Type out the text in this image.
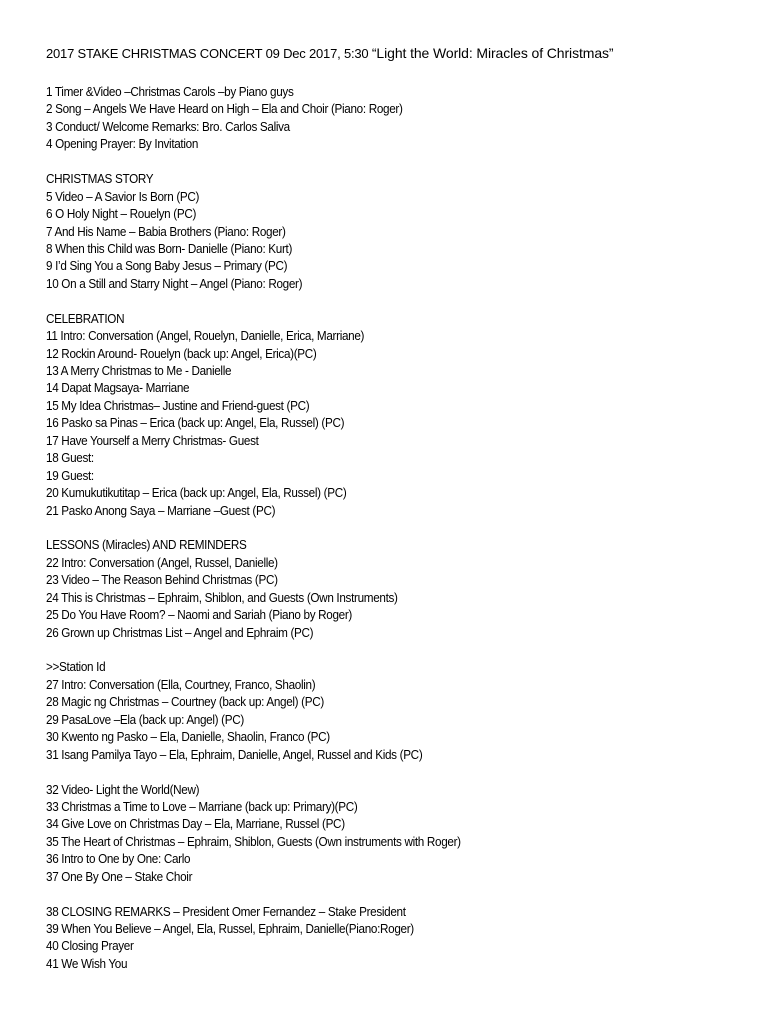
2017 STAKE CHRISTMAS CONCERT 09 Dec 2017, 5:30 “Light the World: Miracles of Christmas”
1 Timer &Video –Christmas Carols –by Piano guys
2 Song – Angels We Have Heard on High – Ela and Choir (Piano: Roger)
3 Conduct/ Welcome Remarks: Bro. Carlos Saliva
4 Opening Prayer: By Invitation
CHRISTMAS STORY
5 Video – A Savior Is Born (PC)
6 O Holy Night – Rouelyn (PC)
7 And His Name – Babia Brothers (Piano: Roger)
8 When this Child was Born- Danielle (Piano: Kurt)
9 I’d Sing You a Song Baby Jesus – Primary (PC)
10 On a Still and Starry Night – Angel (Piano: Roger)
CELEBRATION
11 Intro: Conversation (Angel, Rouelyn, Danielle, Erica, Marriane)
12 Rockin Around- Rouelyn (back up: Angel, Erica)(PC)
13 A Merry Christmas to Me - Danielle
14 Dapat Magsaya- Marriane
15 My Idea Christmas– Justine and Friend-guest (PC)
16 Pasko sa Pinas – Erica (back up: Angel, Ela, Russel) (PC)
17 Have Yourself a Merry Christmas- Guest
18 Guest:
19 Guest:
20 Kumukutikutitap – Erica (back up: Angel, Ela, Russel) (PC)
21 Pasko Anong Saya – Marriane –Guest (PC)
LESSONS (Miracles) AND REMINDERS
22 Intro: Conversation (Angel, Russel, Danielle)
23 Video – The Reason Behind Christmas (PC)
24 This is Christmas – Ephraim, Shiblon, and Guests (Own Instruments)
25 Do You Have Room? – Naomi and Sariah (Piano by Roger)
26 Grown up Christmas List – Angel and Ephraim (PC)
>>Station Id
27 Intro: Conversation (Ella, Courtney, Franco, Shaolin)
28 Magic ng Christmas – Courtney (back up: Angel) (PC)
29 PasaLove –Ela (back up: Angel) (PC)
30 Kwento ng Pasko – Ela, Danielle, Shaolin, Franco (PC)
31 Isang Pamilya Tayo – Ela, Ephraim, Danielle, Angel, Russel and Kids (PC)
32 Video- Light the World(New)
33 Christmas a Time to Love – Marriane (back up: Primary)(PC)
34 Give Love on Christmas Day – Ela, Marriane, Russel (PC)
35 The Heart of Christmas – Ephraim, Shiblon, Guests (Own instruments with Roger)
36 Intro to One by One: Carlo
37 One By One – Stake Choir
38 CLOSING REMARKS – President Omer Fernandez – Stake President
39 When You Believe – Angel, Ela, Russel, Ephraim, Danielle(Piano:Roger)
40 Closing Prayer
41 We Wish You
